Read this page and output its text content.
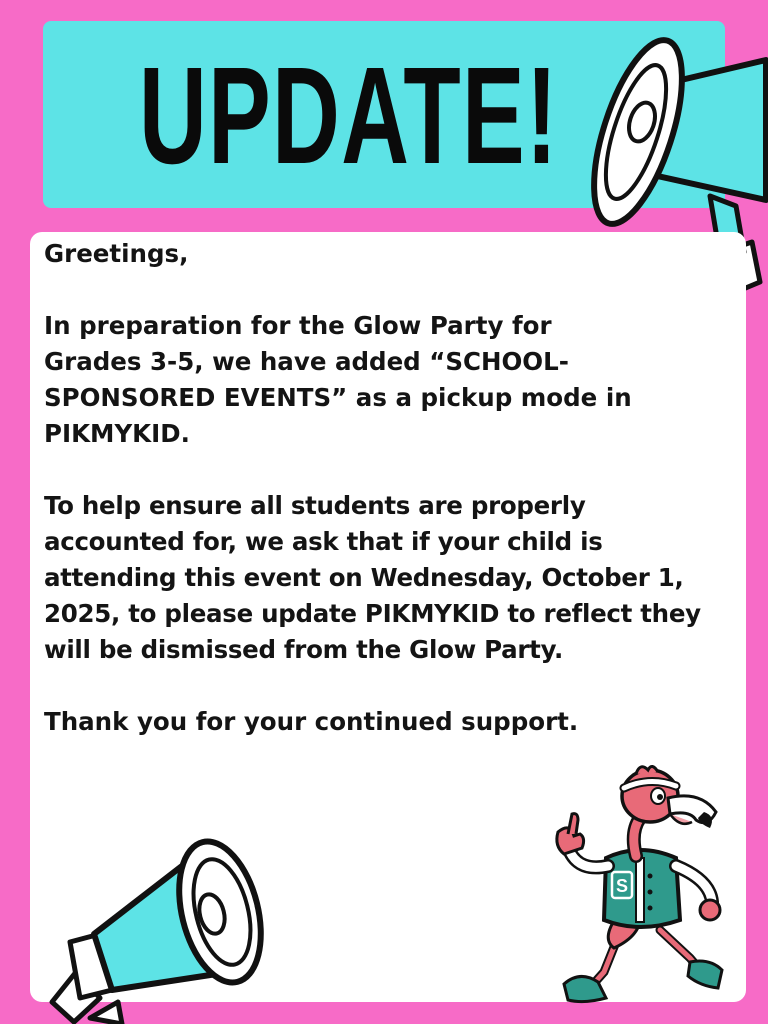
UPDATE!

Greetings,

In preparation for the Glow Party for
Grades 3-5, we have added “SCHOOL-
SPONSORED EVENTS” as a pickup mode in
PIKMYKID.

To help ensure all students are properly
accounted for, we ask that if your child is
attending this event on Wednesday, October 1,
2025, to please update PIKMYKID to reflect they
will be dismissed from the Glow Party.

Thank you for your continued support.

S
